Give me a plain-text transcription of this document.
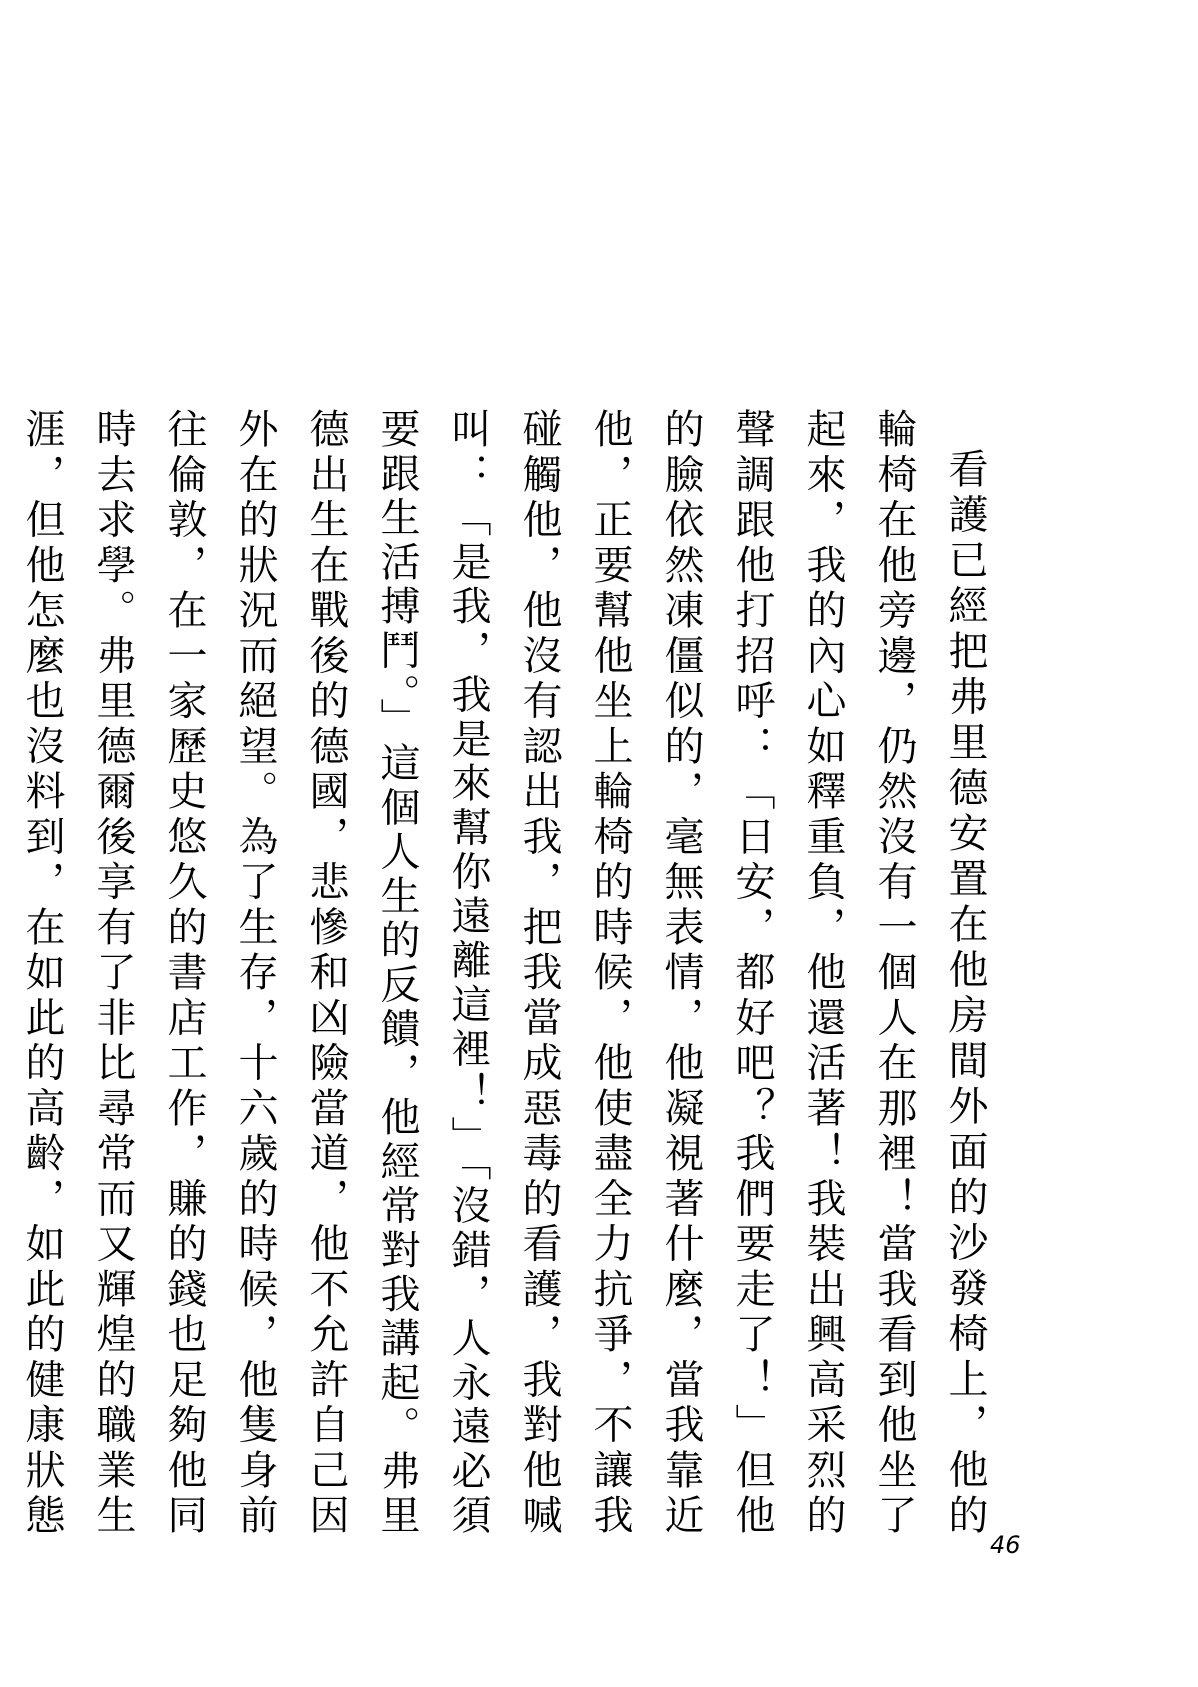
看護已經把弗里德安置在他房間外面的沙發椅上，他的輪椅在他旁邊，仍然沒有一個人在那裡！當我看到他坐了起來，我的內心如釋重負，他還活著！我裝出興高采烈的聲調跟他打招呼：「日安，都好吧？我們要走了！」但他的臉依然凍僵似的，毫無表情，他凝視著什麼，當我靠近他，正要幫他坐上輪椅的時候，他使盡全力抗爭，不讓我碰觸他，他沒有認出我，把我當成惡毒的看護，我對他喊叫：「是我，我是來幫你遠離這裡！」「沒錯，人永遠必須要跟生活搏鬥。」這個人生的反饋，他經常對我講起。弗里德出生在戰後的德國，悲慘和凶險當道，他不允許自己因外在的狀況而絕望。為了生存，十六歲的時候，他隻身前往倫敦，在一家歷史悠久的書店工作，賺的錢也足夠他同時去求學。弗里德爾後享有了非比尋常而又輝煌的職業生涯，但他怎麼也沒料到，在如此的高齡，如此的健康狀態

46
